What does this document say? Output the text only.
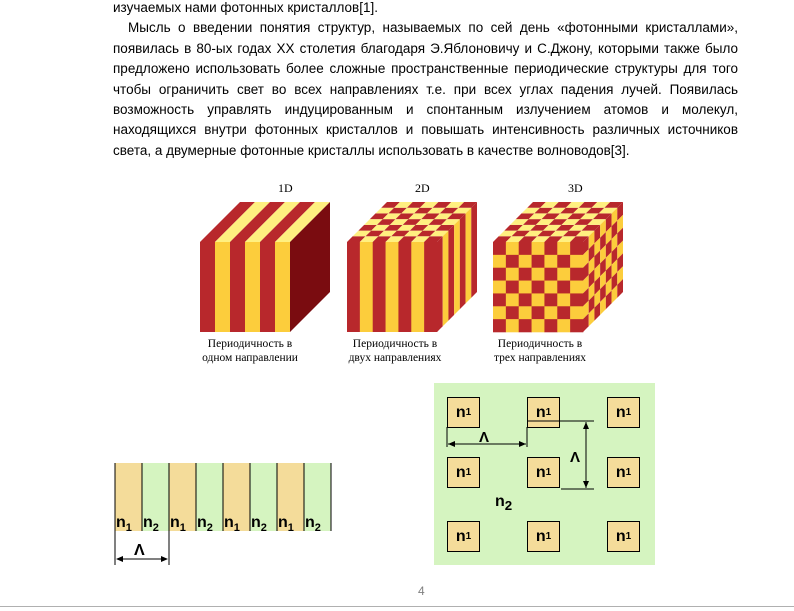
изучаемых нами фотонных кристаллов[1].

Мысль о введении понятия структур, называемых по сей день «фотонными кристаллами», появилась в 80-ых годах XX столетия благодаря Э.Яблоновичу и С.Джону, которыми также было предложено использовать более сложные пространственные периодические структуры для того чтобы ограничить свет во всех направлениях т.е. при всех углах падения лучей. Появилась возможность управлять индуцированным и спонтанным излучением атомов и молекул, находящихся внутри фотонных кристаллов и повышать интенсивность различных источников света, а двумерные фотонные кристаллы использовать в качестве волноводов[3].

1D	2D	3D
Периодичность в
одном направлении
Периодичность в
двух направлениях
Периодичность в
трех направлениях
$n_1$ $n_2$ $n_1$ $n_2$ $n_1$ $n_2$ $n_1$ $n_2$
Λ
n 1	n 1	n 1
n 1	n 1	n 1
n 1	n 1	n 1
$n_2$
Λ
Λ
4
